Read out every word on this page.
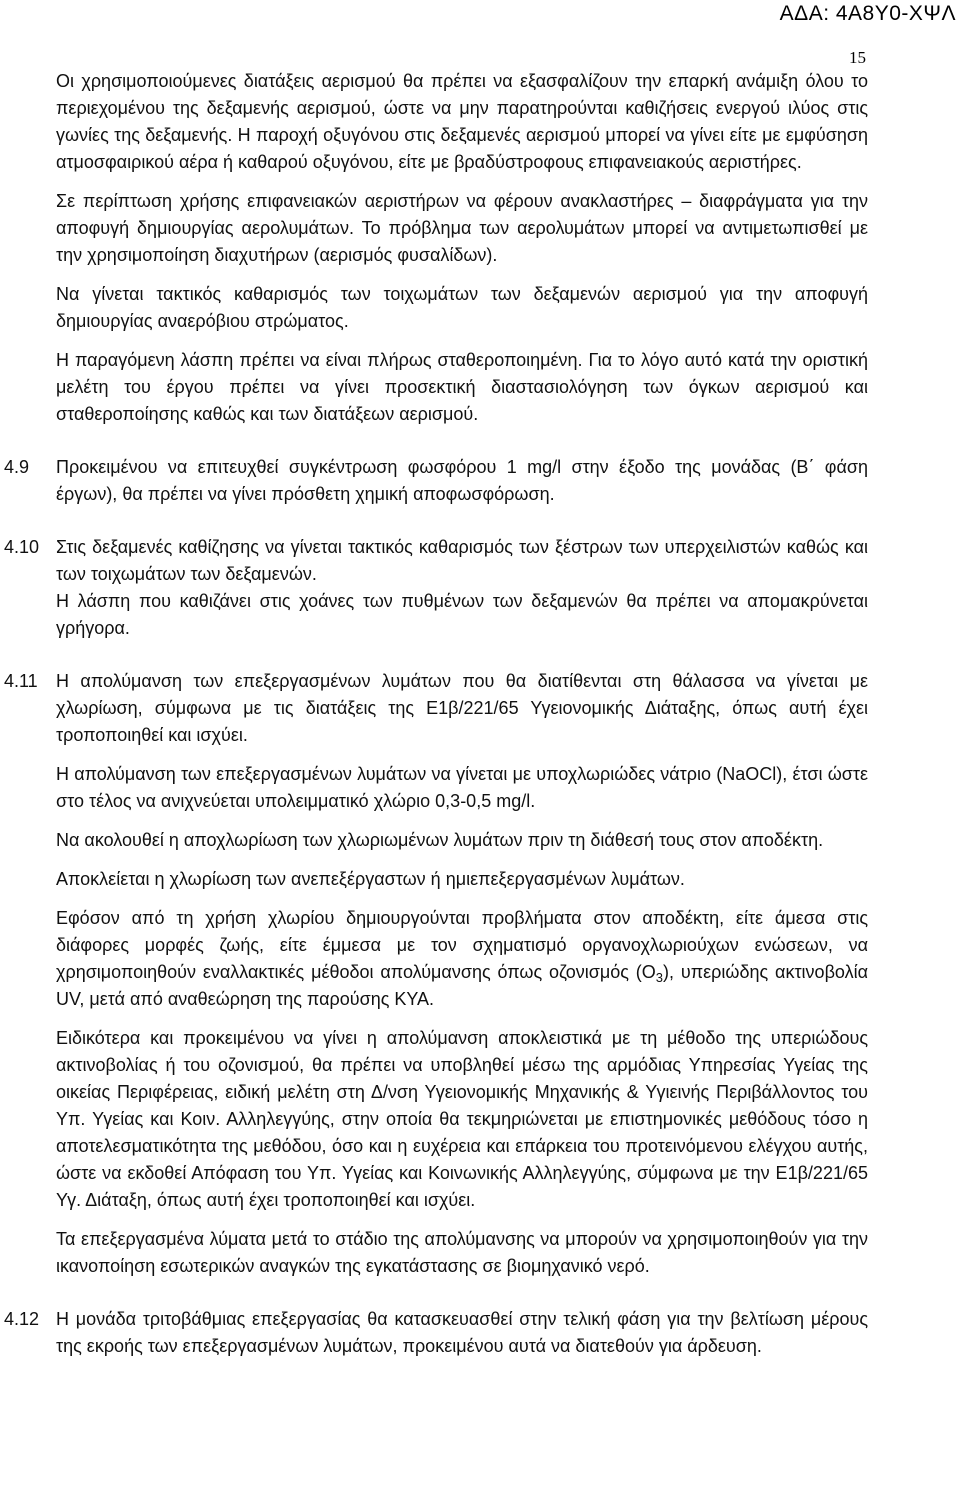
ΑΔΑ: 4Α8Υ0-ΧΨΛ
15

Οι χρησιμοποιούμενες διατάξεις αερισμού θα πρέπει να εξασφαλίζουν την επαρκή ανάμιξη όλου το περιεχομένου της δεξαμενής αερισμού, ώστε να μην παρατηρούνται καθιζήσεις ενεργού ιλύος στις γωνίες της δεξαμενής. Η παροχή οξυγόνου στις δεξαμενές αερισμού μπορεί να γίνει είτε με εμφύσηση ατμοσφαιρικού αέρα ή καθαρού οξυγόνου, είτε με βραδύστροφους επιφανειακούς αεριστήρες.

Σε περίπτωση χρήσης επιφανειακών αεριστήρων να φέρουν ανακλαστήρες – διαφράγματα για την αποφυγή δημιουργίας αερολυμάτων. Το πρόβλημα των αερολυμάτων μπορεί να αντιμετωπισθεί με την χρησιμοποίηση διαχυτήρων (αερισμός φυσαλίδων).

Να γίνεται τακτικός καθαρισμός των τοιχωμάτων των δεξαμενών αερισμού για την αποφυγή δημιουργίας αναερόβιου στρώματος.

Η παραγόμενη λάσπη πρέπει να είναι πλήρως σταθεροποιημένη. Για το λόγο αυτό κατά την οριστική μελέτη του έργου πρέπει να γίνει προσεκτική διαστασιολόγηση των όγκων αερισμού και σταθεροποίησης καθώς και των διατάξεων αερισμού.

4.9 Προκειμένου να επιτευχθεί συγκέντρωση φωσφόρου 1 mg/l στην έξοδο της μονάδας (Β΄ φάση έργων), θα πρέπει να γίνει πρόσθετη χημική αποφωσφόρωση.

4.10 Στις δεξαμενές καθίζησης να γίνεται τακτικός καθαρισμός των ξέστρων των υπερχειλιστών καθώς και των τοιχωμάτων των δεξαμενών.
Η λάσπη που καθιζάνει στις χοάνες των πυθμένων των δεξαμενών θα πρέπει να απομακρύνεται γρήγορα.

4.11 Η απολύμανση των επεξεργασμένων λυμάτων που θα διατίθενται στη θάλασσα να γίνεται με χλωρίωση, σύμφωνα με τις διατάξεις της Ε1β/221/65 Υγειονομικής Διάταξης, όπως αυτή έχει τροποποιηθεί και ισχύει.

Η απολύμανση των επεξεργασμένων λυμάτων να γίνεται με υποχλωριώδες νάτριο (NaOCl), έτσι ώστε στο τέλος να ανιχνεύεται υπολειμματικό χλώριο 0,3-0,5 mg/l.

Να ακολουθεί η αποχλωρίωση των χλωριωμένων λυμάτων πριν τη διάθεσή τους στον αποδέκτη.

Αποκλείεται η χλωρίωση των ανεπεξέργαστων ή ημιεπεξεργασμένων λυμάτων.

Εφόσον από τη χρήση χλωρίου δημιουργούνται προβλήματα στον αποδέκτη, είτε άμεσα στις διάφορες μορφές ζωής, είτε έμμεσα με τον σχηματισμό οργανοχλωριούχων ενώσεων, να χρησιμοποιηθούν εναλλακτικές μέθοδοι απολύμανσης όπως οζονισμός $(O_3)$, υπεριώδης ακτινοβολία UV, μετά από αναθεώρηση της παρούσης ΚΥΑ.

Ειδικότερα και προκειμένου να γίνει η απολύμανση αποκλειστικά με τη μέθοδο της υπεριώδους ακτινοβολίας ή του οζονισμού, θα πρέπει να υποβληθεί μέσω της αρμόδιας Υπηρεσίας Υγείας της οικείας Περιφέρειας, ειδική μελέτη στη Δ/νση Υγειονομικής Μηχανικής & Υγιεινής Περιβάλλοντος του Υπ. Υγείας και Κοιν. Αλληλεγγύης, στην οποία θα τεκμηριώνεται με επιστημονικές μεθόδους τόσο η αποτελεσματικότητα της μεθόδου, όσο και η ευχέρεια και επάρκεια του προτεινόμενου ελέγχου αυτής, ώστε να εκδοθεί Απόφαση του Υπ. Υγείας και Κοινωνικής Αλληλεγγύης, σύμφωνα με την Ε1β/221/65 Υγ. Διάταξη, όπως αυτή έχει τροποποιηθεί και ισχύει.

Τα επεξεργασμένα λύματα μετά το στάδιο της απολύμανσης να μπορούν να χρησιμοποιηθούν για την ικανοποίηση εσωτερικών αναγκών της εγκατάστασης σε βιομηχανικό νερό.

4.12 Η μονάδα τριτοβάθμιας επεξεργασίας θα κατασκευασθεί στην τελική φάση για την βελτίωση μέρους της εκροής των επεξεργασμένων λυμάτων, προκειμένου αυτά να διατεθούν για άρδευση.
